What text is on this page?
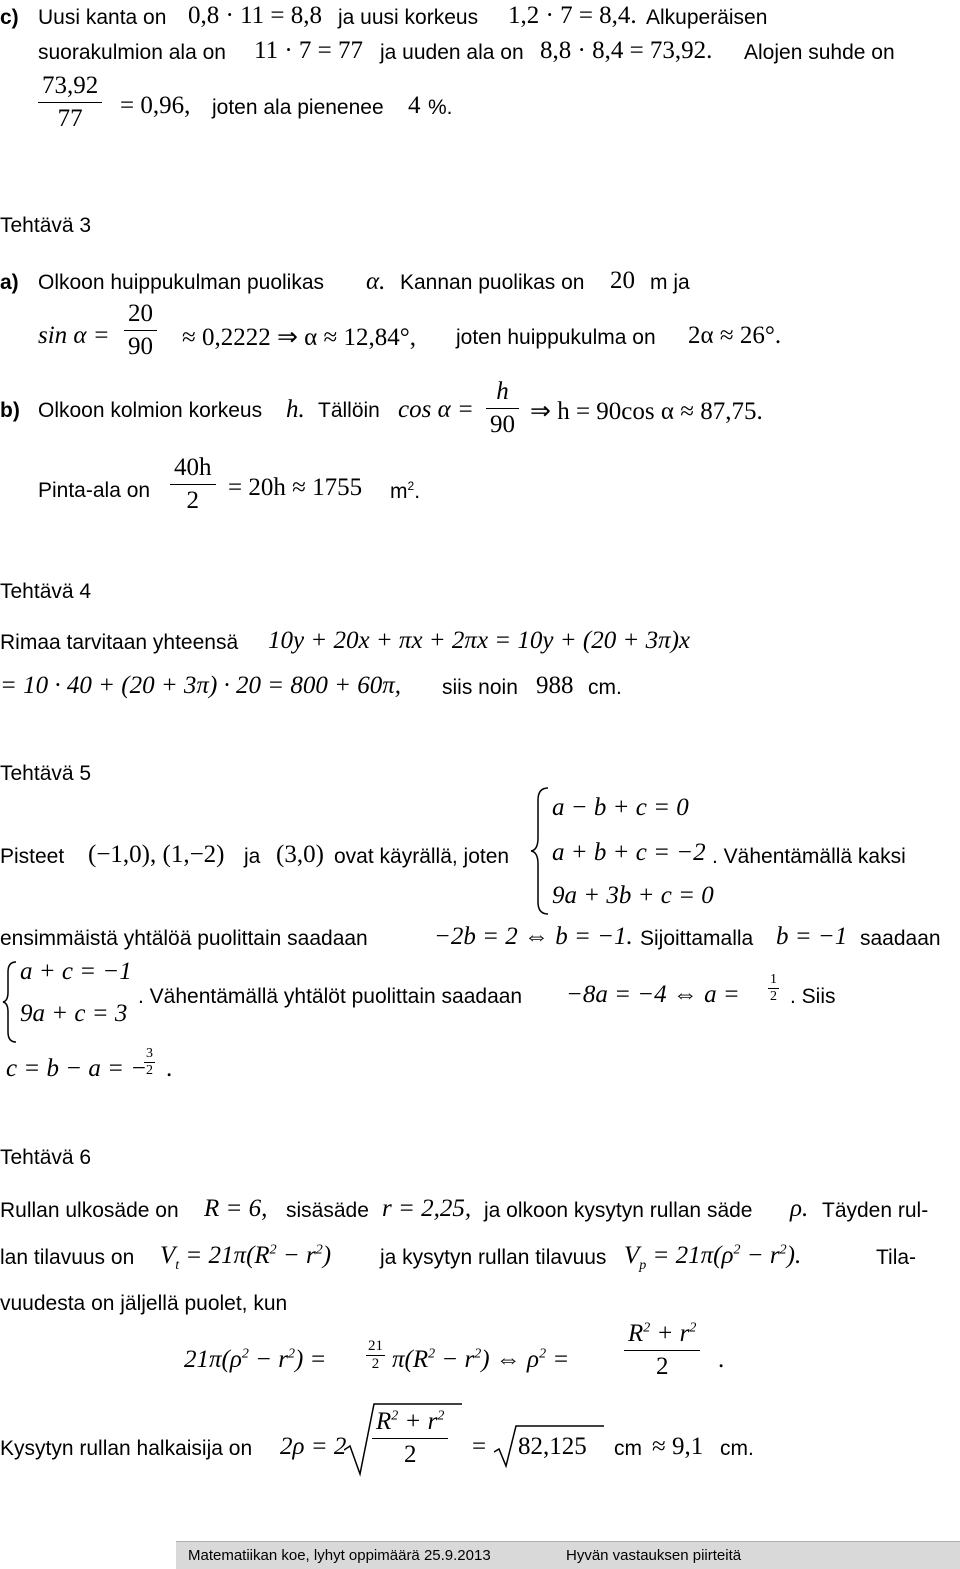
c) Uusi kanta on 0,8 · 11 = 8,8 ja uusi korkeus 1,2 · 7 = 8,4. Alkuperäisen
suorakulmion ala on 11 · 7 = 77 ja uuden ala on 8,8 · 8,4 = 73,92. Alojen suhde on
$\frac{73,92}{77} = 0,96$, joten ala pienenee 4 %.
Tehtävä 3
a) Olkoon huippukulman puolikas α. Kannan puolikas on 20 m ja
$\sin \alpha = \frac{20}{90} \approx 0,2222$ ⇒ α ≈ 12,84°, joten huippukulma on 2α ≈ 26°.
b) Olkoon kolmion korkeus h. Tällöin $\cos \alpha = \frac{h}{90}$ ⇒ h = 90cos α ≈ 87,75.
Pinta-ala on $\frac{40h}{2} = 20h \approx 1755$ $m^2$.
Tehtävä 4
Rimaa tarvitaan yhteensä 10y + 20x + πx + 2πx = 10y + (20 + 3π)x
= 10 · 40 + (20 + 3π) · 20 = 800 + 60π, siis noin 988 cm.
Tehtävä 5
Pisteet (−1,0), (1,−2) ja (3,0) ovat käyrällä, joten
a − b + c = 0
a + b + c = −2
9a + 3b + c = 0
. Vähentämällä kaksi
ensimmäistä yhtälöä puolittain saadaan	−2b = 2 ⇔ b = −1. Sijoittamalla b = −1 saadaan
a + c = −1
9a + c = 3
. Vähentämällä yhtälöt puolittain saadaan −8a = −4 ⇔ $a = \frac{1}{2}$ . Siis
c = b − a = −
$\frac{3}{2}$ .
Tehtävä 6
Rullan ulkosäde on R = 6, sisäsäde r = 2,25, ja olkoon kysytyn rullan säde ρ. Täyden rul-
lan tilavuus on $V_t = 21\pi(R^2 - r^2)$ ja kysytyn rullan tilavuus $V_p = 21\pi(\rho^2 - r^2)$.	Tila-
vuudesta on jäljellä puolet, kun
$21\pi(\rho^2 - r^2)$ =	$\frac{21}{2} \pi(R^2 - r^2)$ ⇔ $\rho^2 = \frac{R^2 + r^2}{2}$ .
Kysytyn rullan halkaisija on $2\rho = 2 \frac{R^2 + r^2}{2} = 82,125$ cm ≈ 9,1 cm.
Matematiikan koe, lyhyt oppimäärä 25.9.2013	Hyvän vastauksen piirteitä
